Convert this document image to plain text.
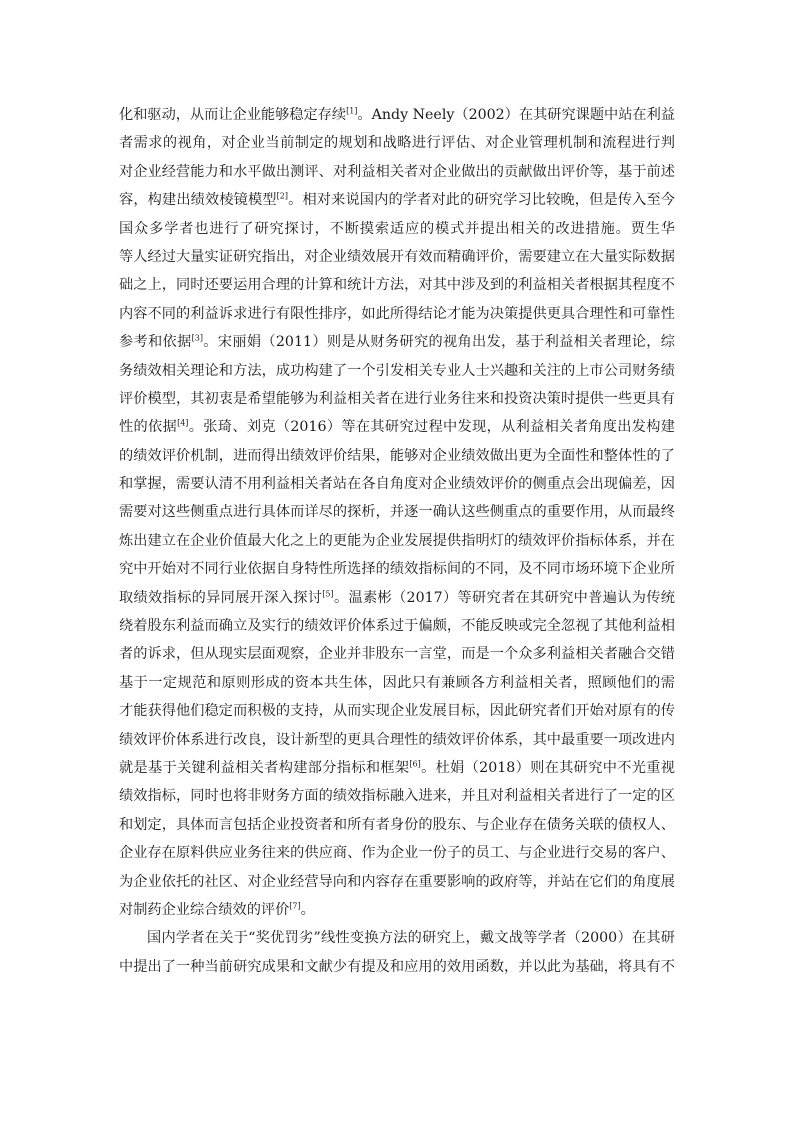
化和驱动，从而让企业能够稳定存续[1]。Andy Neely（2002）在其研究课题中站在利益
者需求的视角，对企业当前制定的规划和战略进行评估、对企业管理机制和流程进行判
对企业经营能力和水平做出测评、对利益相关者对企业做出的贡献做出评价等，基于前述
容，构建出绩效棱镜模型[2]。相对来说国内的学者对此的研究学习比较晚，但是传入至今
国众多学者也进行了研究探讨，不断摸索适应的模式并提出相关的改进措施。贾生华
等人经过大量实证研究指出，对企业绩效展开有效而精确评价，需要建立在大量实际数据
础之上，同时还要运用合理的计算和统计方法，对其中涉及到的利益相关者根据其程度不
内容不同的利益诉求进行有限性排序，如此所得结论才能为决策提供更具合理性和可靠性
参考和依据[3]。宋丽娟（2011）则是从财务研究的视角出发，基于利益相关者理论，综
务绩效相关理论和方法，成功构建了一个引发相关专业人士兴趣和关注的上市公司财务绩
评价模型，其初衷是希望能够为利益相关者在进行业务往来和投资决策时提供一些更具有
性的依据[4]。张琦、刘克（2016）等在其研究过程中发现，从利益相关者角度出发构建
的绩效评价机制，进而得出绩效评价结果，能够对企业绩效做出更为全面性和整体性的了
和掌握，需要认清不用利益相关者站在各自角度对企业绩效评价的侧重点会出现偏差，因
需要对这些侧重点进行具体而详尽的探析，并逐一确认这些侧重点的重要作用，从而最终
炼出建立在企业价值最大化之上的更能为企业发展提供指明灯的绩效评价指标体系，并在
究中开始对不同行业依据自身特性所选择的绩效指标间的不同，及不同市场环境下企业所
取绩效指标的异同展开深入探讨[5]。温素彬（2017）等研究者在其研究中普遍认为传统
绕着股东利益而确立及实行的绩效评价体系过于偏颇，不能反映或完全忽视了其他利益相
者的诉求，但从现实层面观察，企业并非股东一言堂，而是一个众多利益相关者融合交错
基于一定规范和原则形成的资本共生体，因此只有兼顾各方利益相关者，照顾他们的需
才能获得他们稳定而积极的支持，从而实现企业发展目标，因此研究者们开始对原有的传
绩效评价体系进行改良，设计新型的更具合理性的绩效评价体系，其中最重要一项改进内
就是基于关键利益相关者构建部分指标和框架[6]。杜娟（2018）则在其研究中不光重视
绩效指标，同时也将非财务方面的绩效指标融入进来，并且对利益相关者进行了一定的区
和划定，具体而言包括企业投资者和所有者身份的股东、与企业存在债务关联的债权人、
企业存在原料供应业务往来的供应商、作为企业一份子的员工、与企业进行交易的客户、
为企业依托的社区、对企业经营导向和内容存在重要影响的政府等，并站在它们的角度展
对制药企业综合绩效的评价[7]。
国内学者在关于“奖优罚劣”线性变换方法的研究上，戴文战等学者（2000）在其研
中提出了一种当前研究成果和文献少有提及和应用的效用函数，并以此为基础，将具有不
